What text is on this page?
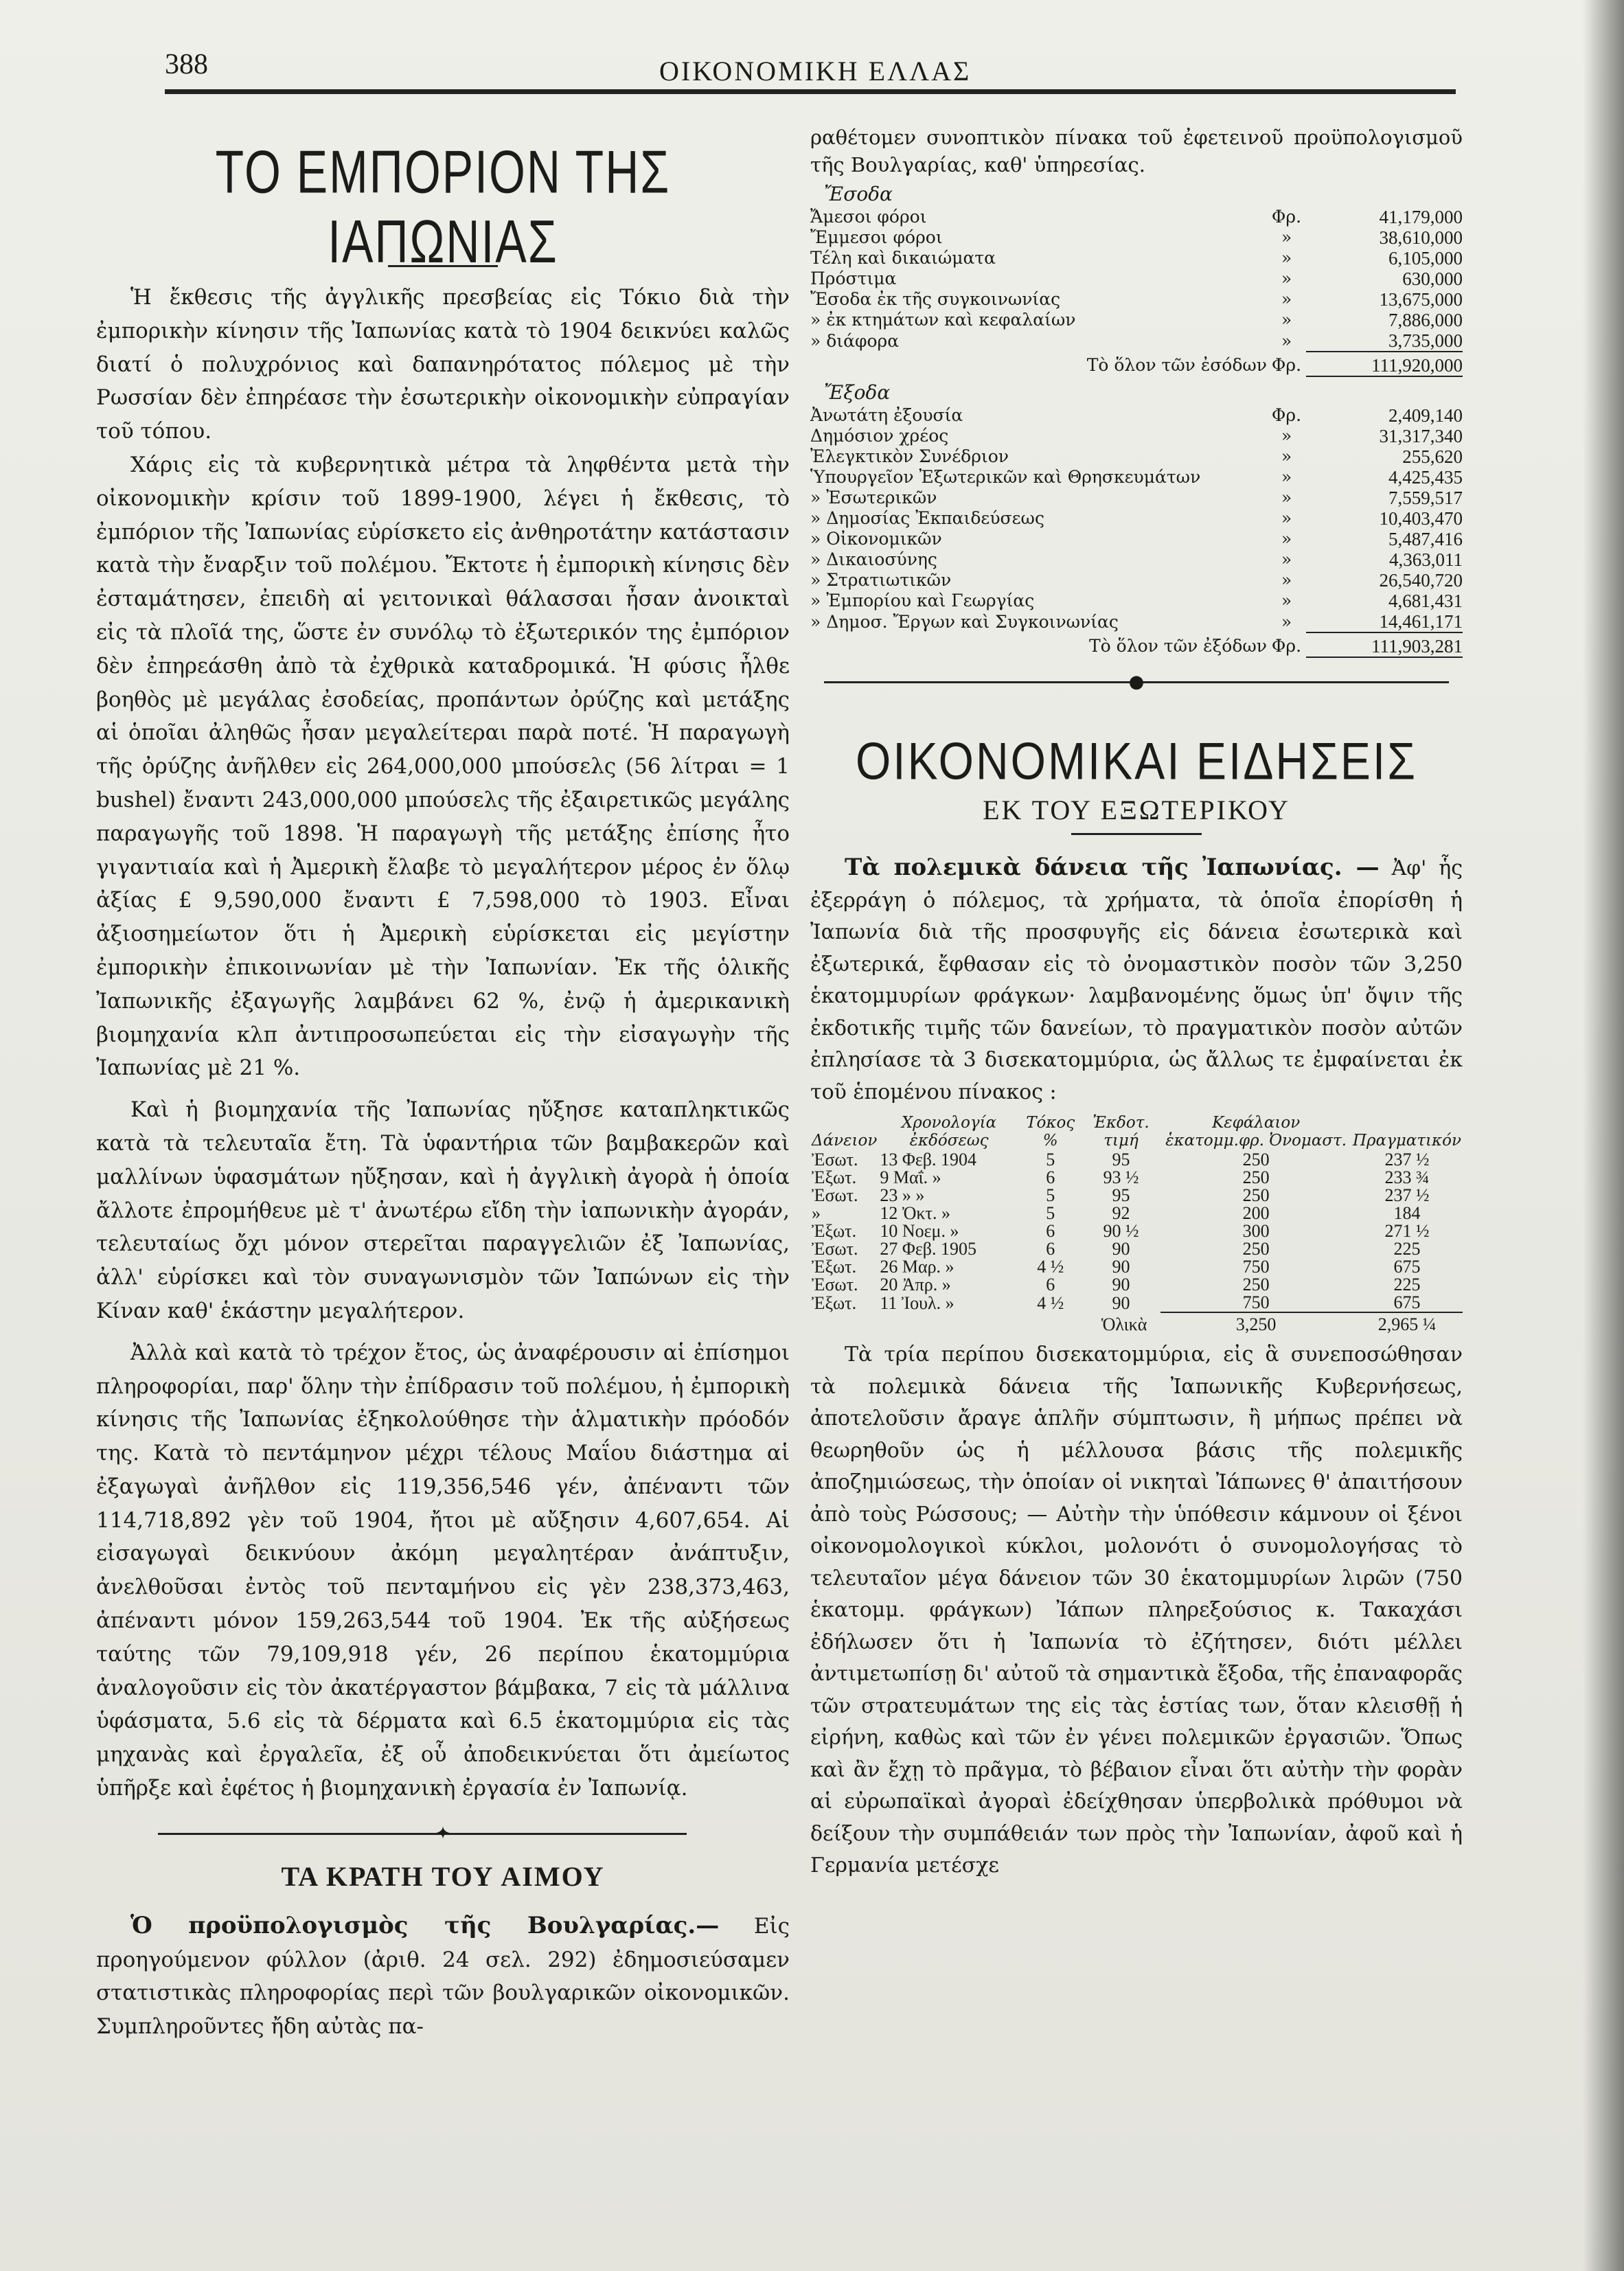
388	ΟΙΚΟΝΟΜΙΚΗ ΕΛΛΑΣ
ΤΟ ΕΜΠΟΡΙΟΝ ΤΗΣ ΙΑΠΩΝΙΑΣ

Ἡ ἔκθεσις τῆς ἀγγλικῆς πρεσβείας εἰς Τόκιο διὰ τὴν ἐμπορικὴν κίνησιν τῆς Ἰαπωνίας κατὰ τὸ 1904 δεικνύει καλῶς διατί ὁ πολυχρόνιος καὶ δαπανηρότατος πόλεμος μὲ τὴν Ρωσσίαν δὲν ἐπηρέασε τὴν ἐσωτερικὴν οἰκονομικὴν εὐπραγίαν τοῦ τόπου.

Χάρις εἰς τὰ κυβερνητικὰ μέτρα τὰ ληφθέντα μετὰ τὴν οἰκονομικὴν κρίσιν τοῦ 1899-1900, λέγει ἡ ἔκθεσις, τὸ ἐμπόριον τῆς Ἰαπωνίας εὑρίσκετο εἰς ἀνθηροτάτην κατάστασιν κατὰ τὴν ἔναρξιν τοῦ πολέμου. Ἔκτοτε ἡ ἐμπορικὴ κίνησις δὲν ἐσταμάτησεν, ἐπειδὴ αἱ γειτονικαὶ θάλασσαι ἦσαν ἀνοικταὶ εἰς τὰ πλοῖά της, ὥστε ἐν συνόλῳ τὸ ἐξωτερικόν της ἐμπόριον δὲν ἐπηρεάσθη ἀπὸ τὰ ἐχθρικὰ καταδρομικά. Ἡ φύσις ἦλθε βοηθὸς μὲ μεγάλας ἐσοδείας, προπάντων ὀρύζης καὶ μετάξης αἱ ὁποῖαι ἀληθῶς ἦσαν μεγαλείτεραι παρὰ ποτέ. Ἡ παραγωγὴ τῆς ὀρύζης ἀνῆλθεν εἰς 264,000,000 μπούσελς (56 λίτραι = 1 bushel) ἔναντι 243,000,000 μπούσελς τῆς ἐξαιρετικῶς μεγάλης παραγωγῆς τοῦ 1898. Ἡ παραγωγὴ τῆς μετάξης ἐπίσης ἦτο γιγαντιαία καὶ ἡ Ἀμερικὴ ἔλαβε τὸ μεγαλήτερον μέρος ἐν ὅλῳ ἀξίας £ 9,590,000 ἔναντι £ 7,598,000 τὸ 1903. Εἶναι ἀξιοσημείωτον ὅτι ἡ Ἀμερικὴ εὑρίσκεται εἰς μεγίστην ἐμπορικὴν ἐπικοινωνίαν μὲ τὴν Ἰαπωνίαν. Ἐκ τῆς ὁλικῆς Ἰαπωνικῆς ἐξαγωγῆς λαμβάνει 62 %, ἐνῷ ἡ ἀμερικανικὴ βιομηχανία κλπ ἀντιπροσωπεύεται εἰς τὴν εἰσαγωγὴν τῆς Ἰαπωνίας μὲ 21 %.

Καὶ ἡ βιομηχανία τῆς Ἰαπωνίας ηὔξησε καταπληκτικῶς κατὰ τὰ τελευταῖα ἔτη. Τὰ ὑφαντήρια τῶν βαμβακερῶν καὶ μαλλίνων ὑφασμάτων ηὔξησαν, καὶ ἡ ἀγγλικὴ ἀγορὰ ἡ ὁποία ἄλλοτε ἐπρομήθευε μὲ τ' ἀνωτέρω εἴδη τὴν ἰαπωνικὴν ἀγοράν, τελευταίως ὄχι μόνον στερεῖται παραγγελιῶν ἐξ Ἰαπωνίας, ἀλλ' εὑρίσκει καὶ τὸν συναγωνισμὸν τῶν Ἰαπώνων εἰς τὴν Κίναν καθ' ἑκάστην μεγαλήτερον.

Ἀλλὰ καὶ κατὰ τὸ τρέχον ἔτος, ὡς ἀναφέρουσιν αἱ ἐπίσημοι πληροφορίαι, παρ' ὅλην τὴν ἐπίδρασιν τοῦ πολέμου, ἡ ἐμπορικὴ κίνησις τῆς Ἰαπωνίας ἐξηκολούθησε τὴν ἁλματικὴν πρόοδόν της. Κατὰ τὸ πεντάμηνον μέχρι τέλους Μαΐου διάστημα αἱ ἐξαγωγαὶ ἀνῆλθον εἰς 119,356,546 γέν, ἀπέναντι τῶν 114,718,892 γὲν τοῦ 1904, ἤτοι μὲ αὔξησιν 4,607,654. Αἱ εἰσαγωγαὶ δεικνύουν ἀκόμη μεγαλητέραν ἀνάπτυξιν, ἀνελθοῦσαι ἐντὸς τοῦ πενταμήνου εἰς γὲν 238,373,463, ἀπέναντι μόνον 159,263,544 τοῦ 1904. Ἐκ τῆς αὐξήσεως ταύτης τῶν 79,109,918 γέν, 26 περίπου ἑκατομμύρια ἀναλογοῦσιν εἰς τὸν ἀκατέργαστον βάμβακα, 7 εἰς τὰ μάλλινα ὑφάσματα, 5.6 εἰς τὰ δέρματα καὶ 6.5 ἑκατομμύρια εἰς τὰς μηχανὰς καὶ ἐργαλεῖα, ἐξ οὗ ἀποδεικνύεται ὅτι ἀμείωτος ὑπῆρξε καὶ ἐφέτος ἡ βιομηχανικὴ ἐργασία ἐν Ἰαπωνίᾳ.

✦
ΤΑ ΚΡΑΤΗ ΤΟΥ ΑΙΜΟΥ

Ὁ προϋπολογισμὸς τῆς Βουλγαρίας.— Εἰς προηγούμενον φύλλον (ἀριθ. 24 σελ. 292) ἐδημοσιεύσαμεν στατιστικὰς πληροφορίας περὶ τῶν βουλγαρικῶν οἰκονομικῶν. Συμπληροῦντες ἤδη αὐτὰς πα-

ραθέτομεν συνοπτικὸν πίνακα τοῦ ἐφετεινοῦ προϋπολογισμοῦ τῆς Βουλγαρίας, καθ' ὑπηρεσίας.

Ἔσοδα
Ἄμεσοι φόροι	Φρ.	41,179,000
Ἔμμεσοι φόροι	»	38,610,000
Τέλη καὶ δικαιώματα	»	6,105,000
Πρόστιμα	»	630,000
Ἔσοδα ἐκ τῆς συγκοινωνίας	»	13,675,000
» ἐκ κτημάτων καὶ κεφαλαίων	»	7,886,000
» διάφορα	»	3,735,000
Τὸ ὅλον τῶν ἐσόδων	Φρ.	111,920,000
Ἔξοδα
Ἀνωτάτη ἐξουσία	Φρ.	2,409,140
Δημόσιον χρέος	»	31,317,340
Ἐλεγκτικὸν Συνέδριον	»	255,620
Ὑπουργεῖον Ἐξωτερικῶν καὶ Θρησκευμάτων	»	4,425,435
» Ἐσωτερικῶν	»	7,559,517
» Δημοσίας Ἐκπαιδεύσεως	»	10,403,470
» Οἰκονομικῶν	»	5,487,416
» Δικαιοσύνης	»	4,363,011
» Στρατιωτικῶν	»	26,540,720
» Ἐμπορίου καὶ Γεωργίας	»	4,681,431
» Δημοσ. Ἔργων καὶ Συγκοινωνίας	»	14,461,171
Τὸ ὅλον τῶν ἐξόδων	Φρ.	111,903,281
●
ΟΙΚΟΝΟΜΙΚΑΙ ΕΙΔΗΣΕΙΣ
ΕΚ ΤΟΥ ΕΞΩΤΕΡΙΚΟΥ

Τὰ πολεμικὰ δάνεια τῆς Ἰαπωνίας. — Ἀφ' ἧς ἐξερράγη ὁ πόλεμος, τὰ χρήματα, τὰ ὁποῖα ἐπορίσθη ἡ Ἰαπωνία διὰ τῆς προσφυγῆς εἰς δάνεια ἐσωτερικὰ καὶ ἐξωτερικά, ἔφθασαν εἰς τὸ ὀνομαστικὸν ποσὸν τῶν 3,250 ἑκατομμυρίων φράγκων· λαμβανομένης ὅμως ὑπ' ὄψιν τῆς ἐκδοτικῆς τιμῆς τῶν δανείων, τὸ πραγματικὸν ποσὸν αὐτῶν ἐπλησίασε τὰ 3 δισεκατομμύρια, ὡς ἄλλως τε ἐμφαίνεται ἐκ τοῦ ἑπομένου πίνακος :

Δάνειον	Χρονολογία ἐκδόσεως	Τόκος %	Ἐκδοτ. τιμή	Κεφάλαιον ἑκατομμ.φρ. Ὀνομαστ.	Πραγματικόν
Ἐσωτ.	13 Φεβ. 1904	5	95	250	237 ½
Ἐξωτ.	9 Μαΐ. »	6	93 ½	250	233 ¾
Ἐσωτ.	23 » »	5	95	250	237 ½
»	12 Ὀκτ. »	5	92	200	184
Ἐξωτ.	10 Νοεμ. »	6	90 ½	300	271 ½
Ἐσωτ.	27 Φεβ. 1905	6	90	250	225
Ἐξωτ.	26 Μαρ. »	4 ½	90	750	675
Ἐσωτ.	20 Ἀπρ. »	6	90	250	225
Ἐξωτ.	11 Ἰουλ. »	4 ½	90	750	675
Ὁλικὰ				3,250	2,965 ¼

Τὰ τρία περίπου δισεκατομμύρια, εἰς ἃ συνεποσώθησαν τὰ πολεμικὰ δάνεια τῆς Ἰαπωνικῆς Κυβερνήσεως, ἀποτελοῦσιν ἄραγε ἁπλῆν σύμπτωσιν, ἢ μήπως πρέπει νὰ θεωρηθοῦν ὡς ἡ μέλλουσα βάσις τῆς πολεμικῆς ἀποζημιώσεως, τὴν ὁποίαν οἱ νικηταὶ Ἰάπωνες θ' ἀπαιτήσουν ἀπὸ τοὺς Ρώσσους; — Αὐτὴν τὴν ὑπόθεσιν κάμνουν οἱ ξένοι οἰκονομολογικοὶ κύκλοι, μολονότι ὁ συνομολογήσας τὸ τελευταῖον μέγα δάνειον τῶν 30 ἑκατομμυρίων λιρῶν (750 ἑκατομμ. φράγκων) Ἰάπων πληρεξούσιος κ. Τακαχάσι ἐδήλωσεν ὅτι ἡ Ἰαπωνία τὸ ἐζήτησεν, διότι μέλλει ἀντιμετωπίσῃ δι' αὐτοῦ τὰ σημαντικὰ ἔξοδα, τῆς ἐπαναφορᾶς τῶν στρατευμάτων της εἰς τὰς ἑστίας των, ὅταν κλεισθῇ ἡ εἰρήνη, καθὼς καὶ τῶν ἐν γένει πολεμικῶν ἐργασιῶν. Ὅπως καὶ ἂν ἔχῃ τὸ πρᾶγμα, τὸ βέβαιον εἶναι ὅτι αὐτὴν τὴν φορὰν αἱ εὐρωπαϊκαὶ ἀγοραὶ ἐδείχθησαν ὑπερβολικὰ πρόθυμοι νὰ δείξουν τὴν συμπάθειάν των πρὸς τὴν Ἰαπωνίαν, ἀφοῦ καὶ ἡ Γερμανία μετέσχε
